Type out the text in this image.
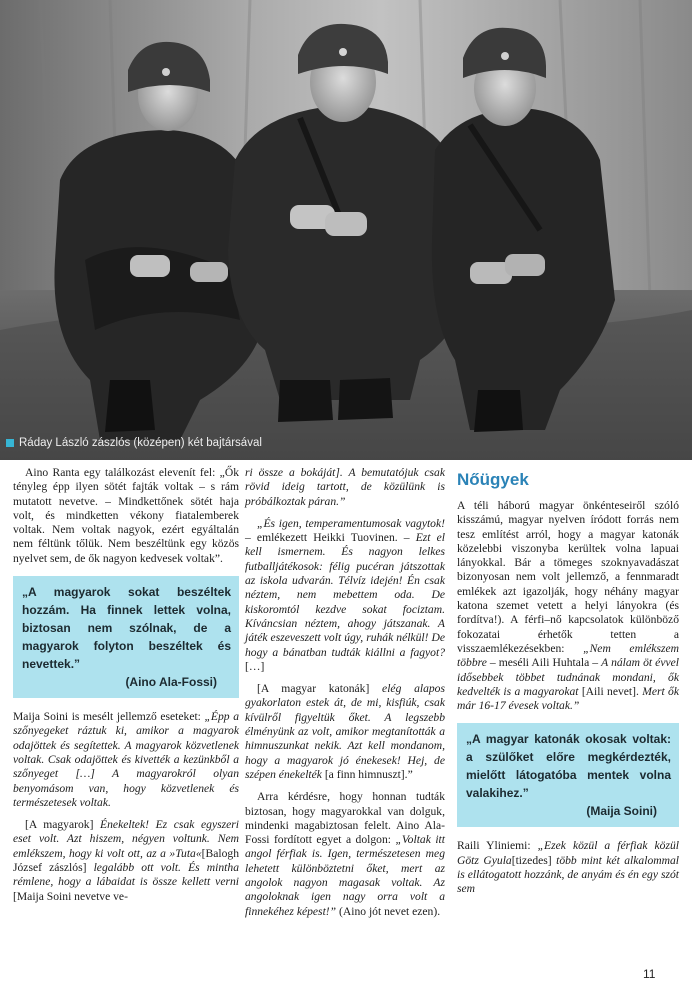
Ráday László zászlós (középen) két bajtársával

Aino Ranta egy találkozást elevenít fel: „Ők tényleg épp ilyen sötét fajták voltak – s rám mutatott nevetve. – Mindkettőnek sötét haja volt, és mindketten vékony fiatalemberek voltak. Nem voltak nagyok, ezért egyáltalán nem féltünk tőlük. Nem beszéltünk egy közös nyelvet sem, de ők nagyon kedvesek voltak”.

„A magyarok sokat beszéltek hozzám. Ha finnek lettek volna, biztosan nem szólnak, de a magyarok folyton beszéltek és nevettek.”
(Aino Ala-Fossi)

Maija Soini is mesélt jellemző eseteket: „Épp a szőnyegeket ráztuk ki, amikor a magyarok odajöttek és segítettek. A magyarok közvetlenek voltak. Csak odajöttek és kivették a kezünkből a szőnyeget […] A magyarokról olyan benyomásom van, hogy közvetlenek és természetesek voltak.

[A magyarok] Énekeltek! Ez csak egyszeri eset volt. Azt hiszem, négyen voltunk. Nem emlékszem, hogy ki volt ott, az a »Tuta«[Balogh József zászlós] legalább ott volt. És mintha rémlene, hogy a lábaidat is össze kellett verni [Maija Soini nevetve ve-

ri össze a bokáját]. A bemutatójuk csak rövid ideig tartott, de közülünk is próbálkoztak páran.”

„És igen, temperamentumosak vagytok! – emlékezett Heikki Tuovinen. – Ezt el kell ismernem. És nagyon lelkes futballjátékosok: félig pucéran játszottak az iskola udvarán. Télvíz idején! Én csak néztem, nem mebettem oda. De kiskoromtól kezdve sokat fociztam. Kíváncsian néztem, ahogy játszanak. A játék eszeveszett volt úgy, ruhák nélkül! De hogy a bánatban tudták kiállni a fagyot? […]

[A magyar katonák] elég alapos gyakorlaton estek át, de mi, kisfiúk, csak kívülről figyeltük őket. A legszebb élményünk az volt, amikor megtanították a himnuszunkat nekik. Azt kell mondanom, hogy a magyarok jó énekesek! Hej, de szépen énekelték [a finn himnuszt].”

Arra kérdésre, hogy honnan tudták biztosan, hogy magyarokkal van dolguk, mindenki magabiztosan felelt. Aino Ala-Fossi fordított egyet a dolgon: „Voltak itt angol férfiak is. Igen, természetesen meg lehetett különböztetni őket, mert az angolok nagyon magasak voltak. Az angoloknak igen nagy orra volt a finnekéhez képest!” (Aino jót nevet ezen).

Nőügyek

A téli háború magyar önkénteseiről szóló kisszámú, magyar nyelven íródott forrás nem tesz említést arról, hogy a magyar katonák közelebbi viszonyba kerültek volna lapuai lányokkal. Bár a tömeges szoknyavadászat bizonyosan nem volt jellemző, a fennmaradt emlékek azt igazolják, hogy néhány magyar katona szemet vetett a helyi lányokra (és fordítva!). A férfi–nő kapcsolatok különböző fokozatai érhetők tetten a visszaemlékezésekben: „Nem emlékszem többre – meséli Aili Huhtala – A nálam öt évvel idősebbek többet tudnának mondani, ők kedvelték is a magyarokat [Aili nevet]. Mert ők már 16-17 évesek voltak.”

„A magyar katonák okosak voltak: a szülőket előre megkérdezték, mielőtt látogatóba mentek volna valakihez.”
(Maija Soini)

Raili Yliniemi: „Ezek közül a férfiak közül Götz Gyula[tizedes] több mint két alkalommal is ellátogatott hozzánk, de anyám és én egy szót sem

11
